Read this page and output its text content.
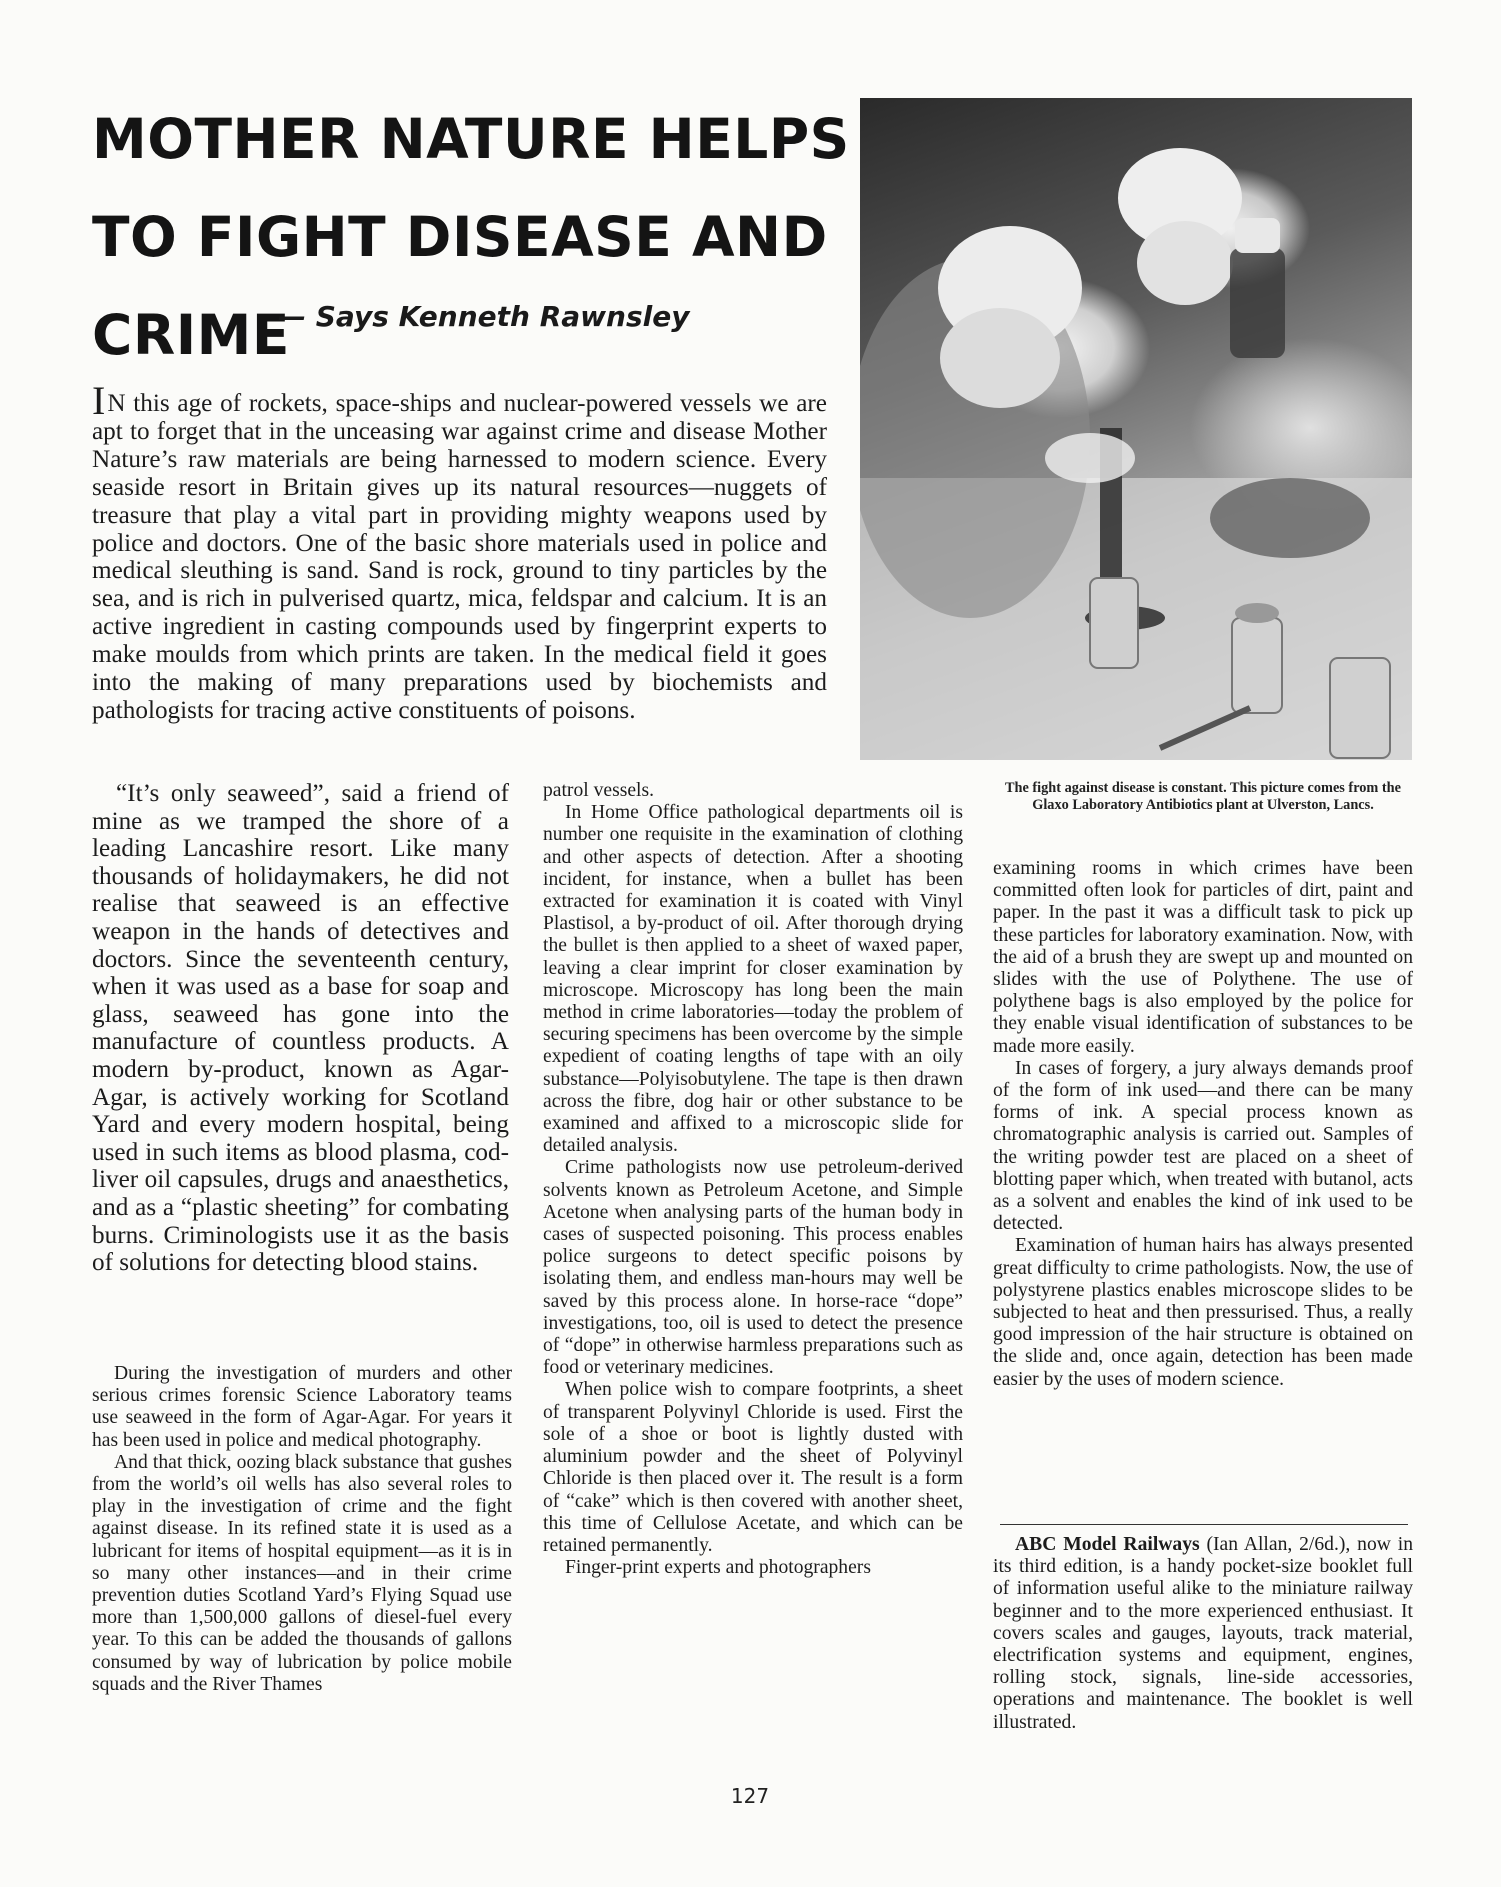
MOTHER NATURE HELPS TO FIGHT DISEASE AND CRIME

— Says Kenneth Rawnsley

The fight against disease is constant. This picture comes from the Glaxo Laboratory Antibiotics plant at Ulverston, Lancs.

IN this age of rockets, space-ships and nuclear-powered vessels we are apt to forget that in the unceasing war against crime and disease Mother Nature’s raw materials are being harnessed to modern science. Every seaside resort in Britain gives up its natural resources—nuggets of treasure that play a vital part in providing mighty weapons used by police and doctors. One of the basic shore materials used in police and medical sleuthing is sand. Sand is rock, ground to tiny particles by the sea, and is rich in pulverised quartz, mica, feldspar and calcium. It is an active ingredient in casting compounds used by fingerprint experts to make moulds from which prints are taken. In the medical field it goes into the making of many preparations used by biochemists and pathologists for tracing active constituents of poisons.

“It’s only seaweed”, said a friend of mine as we tramped the shore of a leading Lancashire resort. Like many thousands of holidaymakers, he did not realise that seaweed is an effective weapon in the hands of detectives and doctors. Since the seventeenth century, when it was used as a base for soap and glass, seaweed has gone into the manufacture of countless products. A modern by-product, known as Agar-Agar, is actively working for Scotland Yard and every modern hospital, being used in such items as blood plasma, cod-liver oil capsules, drugs and anaesthetics, and as a “plastic sheeting” for combating burns. Criminologists use it as the basis of solutions for detecting blood stains.

During the investigation of murders and other serious crimes forensic Science Laboratory teams use seaweed in the form of Agar-Agar. For years it has been used in police and medical photography.

And that thick, oozing black substance that gushes from the world’s oil wells has also several roles to play in the investigation of crime and the fight against disease. In its refined state it is used as a lubricant for items of hospital equipment—as it is in so many other instances—and in their crime prevention duties Scotland Yard’s Flying Squad use more than 1,500,000 gallons of diesel-fuel every year. To this can be added the thousands of gallons consumed by way of lubrication by police mobile squads and the River Thames

patrol vessels.

In Home Office pathological departments oil is number one requisite in the examination of clothing and other aspects of detection. After a shooting incident, for instance, when a bullet has been extracted for examination it is coated with Vinyl Plastisol, a by-product of oil. After thorough drying the bullet is then applied to a sheet of waxed paper, leaving a clear imprint for closer examination by microscope. Microscopy has long been the main method in crime laboratories—today the problem of securing specimens has been overcome by the simple expedient of coating lengths of tape with an oily substance—Polyisobutylene. The tape is then drawn across the fibre, dog hair or other substance to be examined and affixed to a microscopic slide for detailed analysis.

Crime pathologists now use petroleum-derived solvents known as Petroleum Acetone, and Simple Acetone when analysing parts of the human body in cases of suspected poisoning. This process enables police surgeons to detect specific poisons by isolating them, and endless man-hours may well be saved by this process alone. In horse-race “dope” investigations, too, oil is used to detect the presence of “dope” in otherwise harmless preparations such as food or veterinary medicines.

When police wish to compare footprints, a sheet of transparent Polyvinyl Chloride is used. First the sole of a shoe or boot is lightly dusted with aluminium powder and the sheet of Polyvinyl Chloride is then placed over it. The result is a form of “cake” which is then covered with another sheet, this time of Cellulose Acetate, and which can be retained permanently.

Finger-print experts and photographers

examining rooms in which crimes have been committed often look for particles of dirt, paint and paper. In the past it was a difficult task to pick up these particles for laboratory examination. Now, with the aid of a brush they are swept up and mounted on slides with the use of Polythene. The use of polythene bags is also employed by the police for they enable visual identification of substances to be made more easily.

In cases of forgery, a jury always demands proof of the form of ink used—and there can be many forms of ink. A special process known as chromatographic analysis is carried out. Samples of the writing powder test are placed on a sheet of blotting paper which, when treated with butanol, acts as a solvent and enables the kind of ink used to be detected.

Examination of human hairs has always presented great difficulty to crime pathologists. Now, the use of polystyrene plastics enables microscope slides to be subjected to heat and then pressurised. Thus, a really good impression of the hair structure is obtained on the slide and, once again, detection has been made easier by the uses of modern science.

ABC Model Railways (Ian Allan, 2/6d.), now in its third edition, is a handy pocket-size booklet full of information useful alike to the miniature railway beginner and to the more experienced enthusiast. It covers scales and gauges, layouts, track material, electrification systems and equipment, engines, rolling stock, signals, line-side accessories, operations and maintenance. The booklet is well illustrated.

127
